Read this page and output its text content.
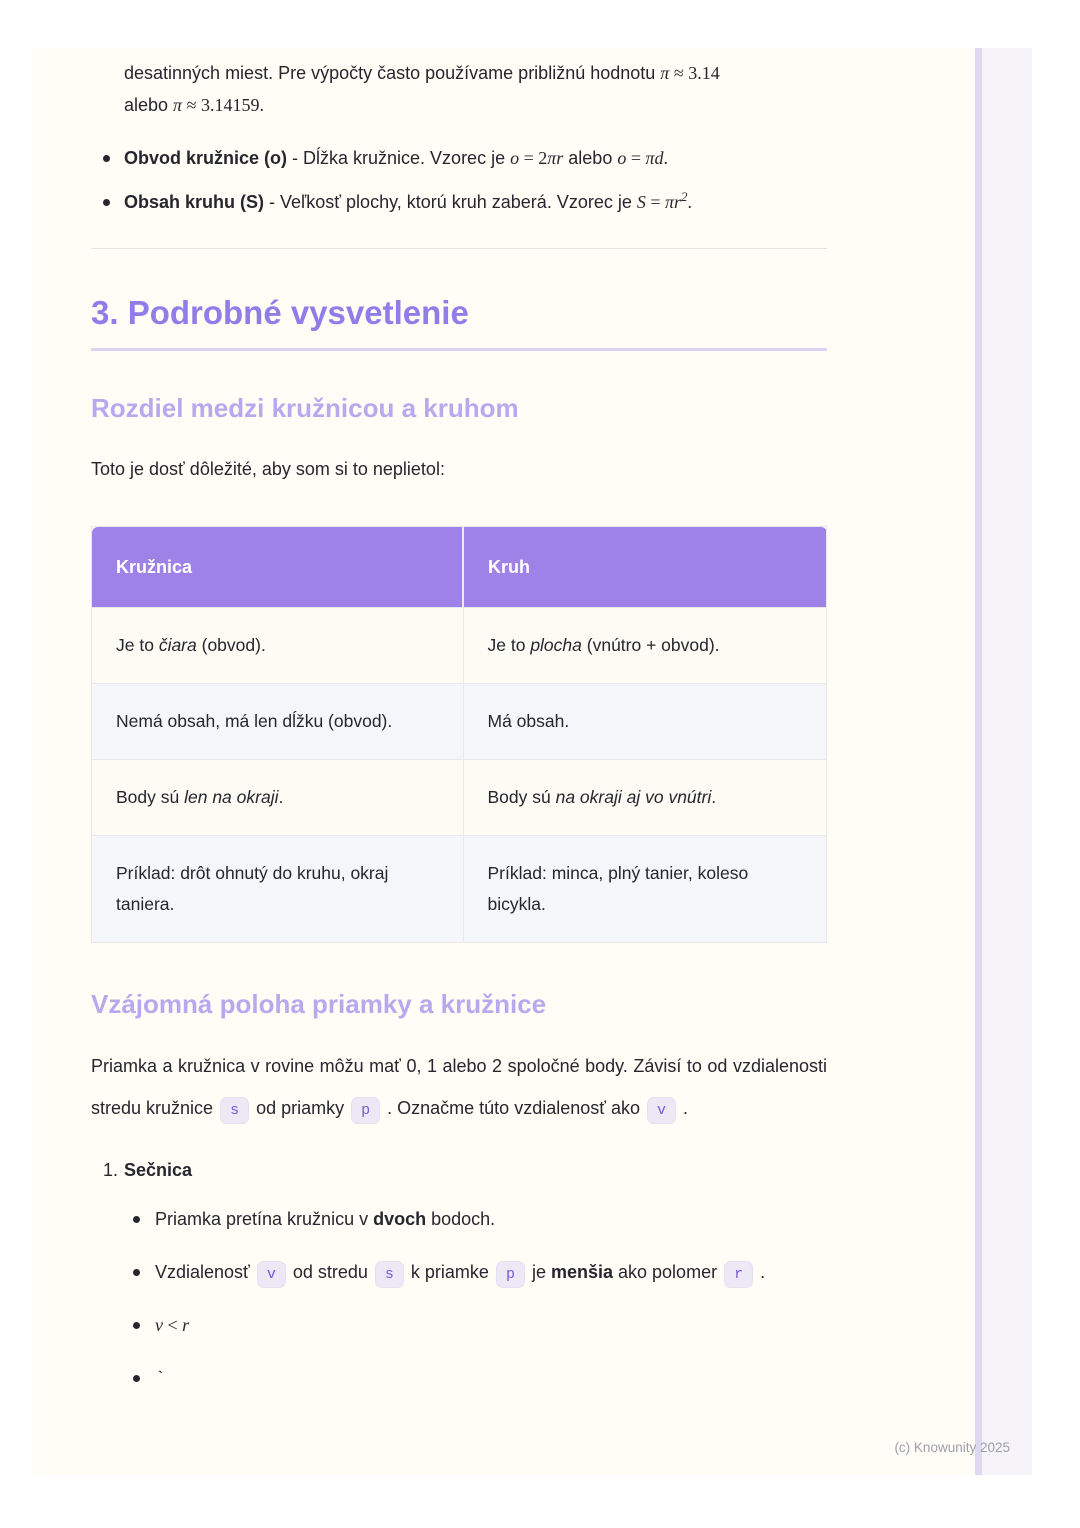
desatinných miest. Pre výpočty často používame približnú hodnotu π ≈ 3.14
alebo π ≈ 3.14159.

Obvod kružnice (o) - Dĺžka kružnice. Vzorec je o = 2πr alebo o = πd.
Obsah kruhu (S) - Veľkosť plochy, ktorú kruh zaberá. Vzorec je $S = \pi r^2$.
3. Podrobné vysvetlenie
Rozdiel medzi kružnicou a kruhom

Toto je dosť dôležité, aby som si to neplietol:

Kružnica	Kruh
Je to čiara (obvod).	Je to plocha (vnútro + obvod).
Nemá obsah, má len dĺžku (obvod).	Má obsah.
Body sú len na okraji.	Body sú na okraji aj vo vnútri.
Príklad: drôt ohnutý do kruhu, okraj taniera.	Príklad: minca, plný tanier, koleso bicykla.
Vzájomná poloha priamky a kružnice

Priamka a kružnica v rovine môžu mať 0, 1 alebo 2 spoločné body. Závisí to od vzdialenosti stredu kružnice s od priamky p . Označme túto vzdialenosť ako v .

1. Sečnica
Priamka pretína kružnicu v dvoch bodoch.
Vzdialenosť v od stredu s k priamke p je menšia ako polomer r .
v < r
`
(c) Knowunity 2025
